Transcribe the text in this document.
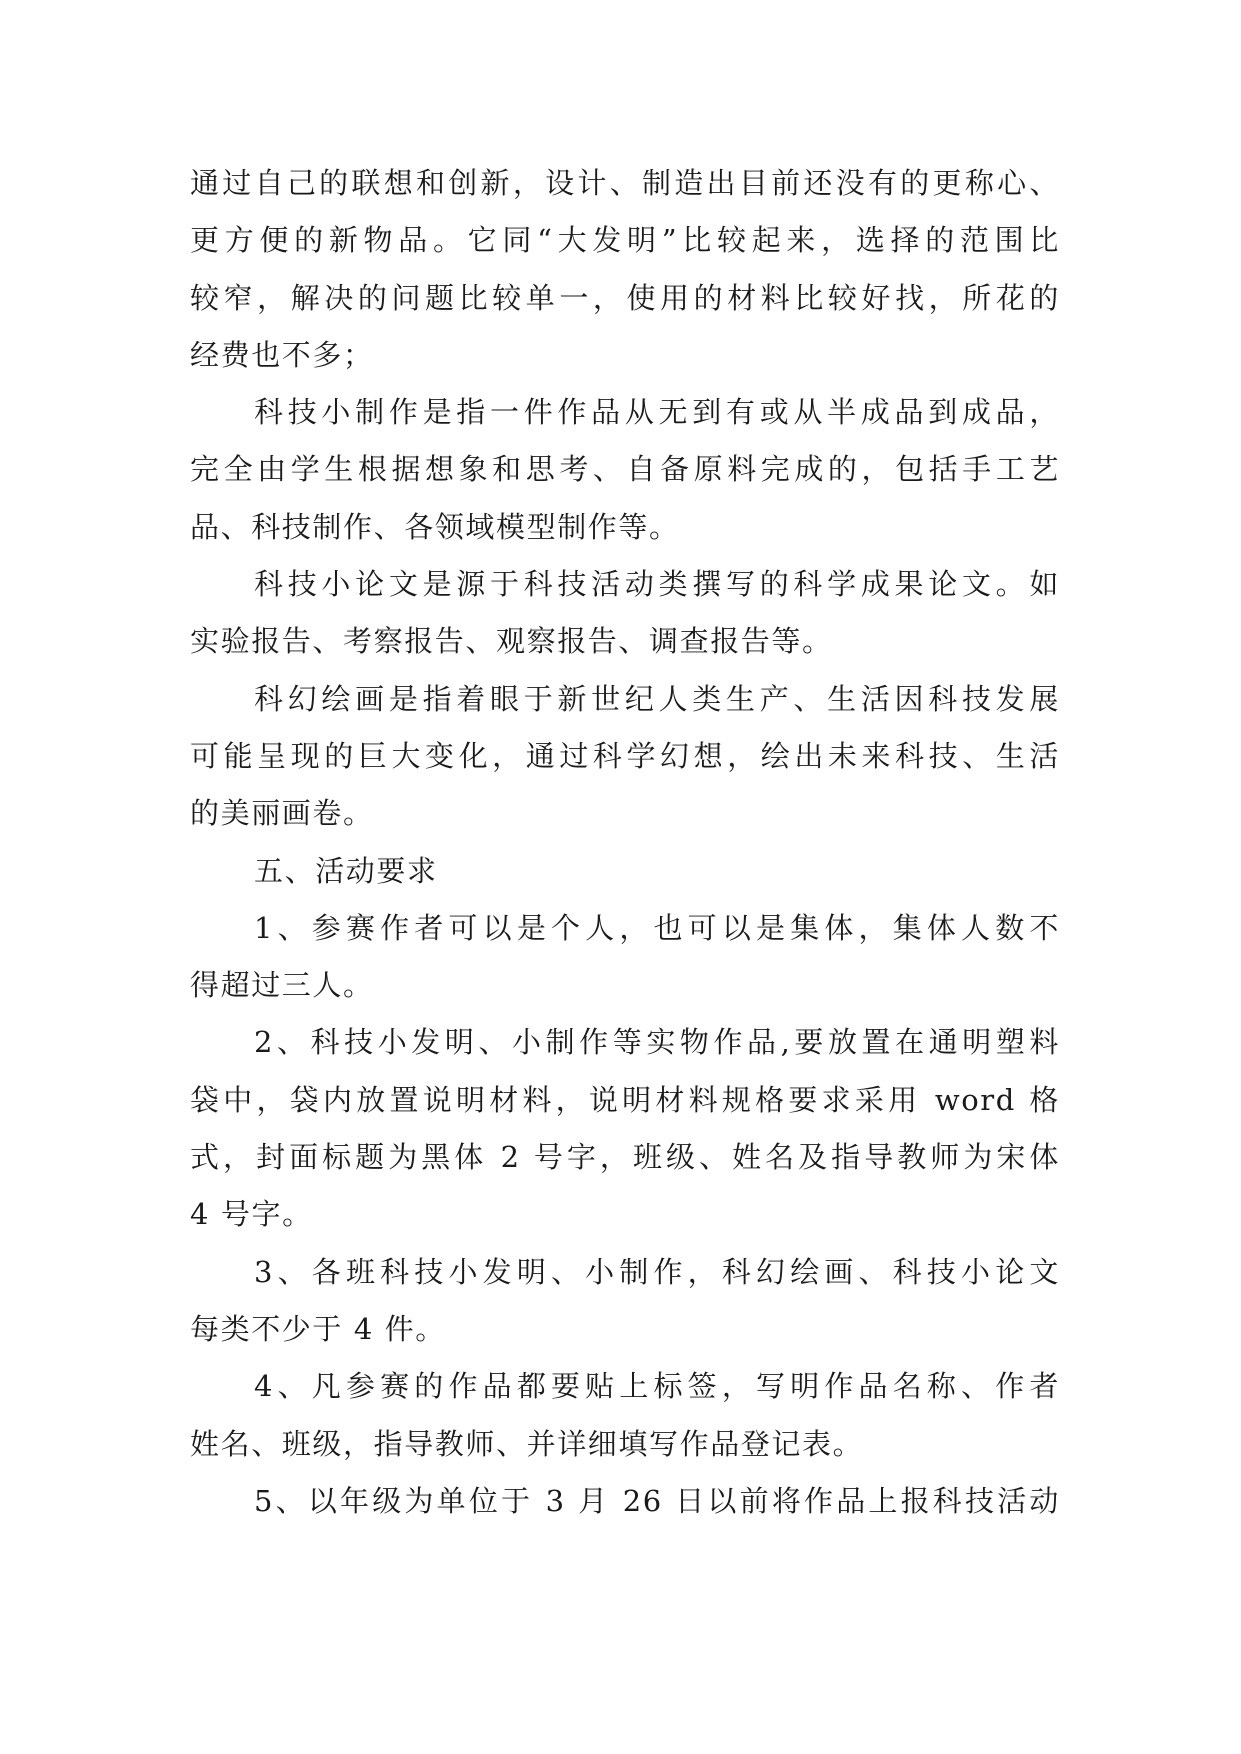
通过自己的联想和创新，设计、制造出目前还没有的更称心、
更方便的新物品。它同“大发明”比较起来，选择的范围比
较窄，解决的问题比较单一，使用的材料比较好找，所花的
经费也不多；
科技小制作是指一件作品从无到有或从半成品到成品，
完全由学生根据想象和思考、自备原料完成的，包括手工艺
品、科技制作、各领域模型制作等。
科技小论文是源于科技活动类撰写的科学成果论文。如
实验报告、考察报告、观察报告、调查报告等。
科幻绘画是指着眼于新世纪人类生产、生活因科技发展
可能呈现的巨大变化，通过科学幻想，绘出未来科技、生活
的美丽画卷。
五、活动要求
1、参赛作者可以是个人，也可以是集体，集体人数不
得超过三人。
2、科技小发明、小制作等实物作品,要放置在通明塑料
袋中，袋内放置说明材料，说明材料规格要求采用 word 格
式，封面标题为黑体 2 号字，班级、姓名及指导教师为宋体
4 号字。
3、各班科技小发明、小制作，科幻绘画、科技小论文
每类不少于 4 件。
4、凡参赛的作品都要贴上标签，写明作品名称、作者
姓名、班级，指导教师、并详细填写作品登记表。
5、以年级为单位于 3 月 26 日以前将作品上报科技活动
